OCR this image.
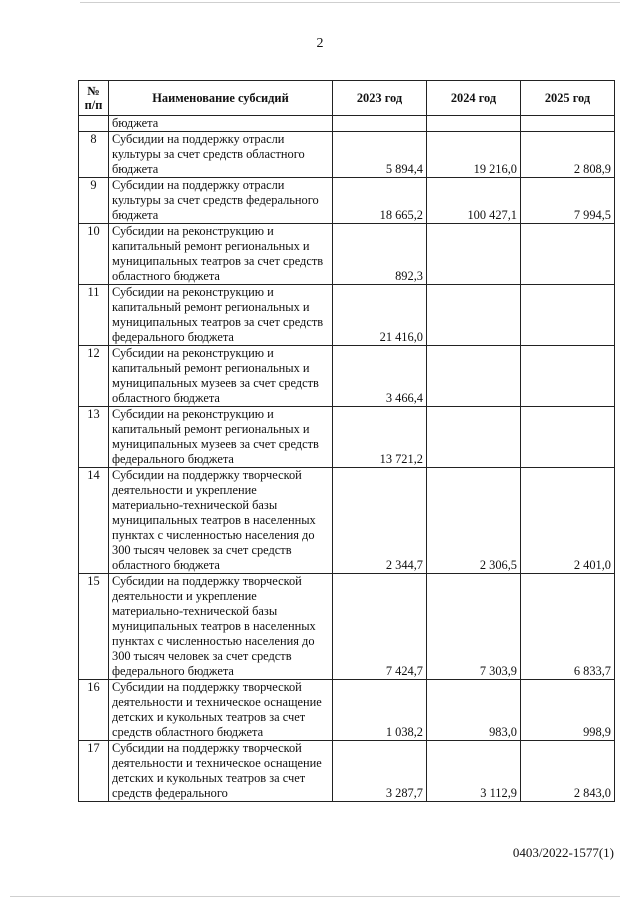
2
№
п/п	Наименование субсидий	2023 год	2024 год	2025 год
	бюджета			
8	Субсидии на поддержку отрасли культуры за счет средств областного бюджета	5 894,4	19 216,0	2 808,9
9	Субсидии на поддержку отрасли культуры за счет средств федерального бюджета	18 665,2	100 427,1	7 994,5
10	Субсидии на реконструкцию и капитальный ремонт региональных и муниципальных театров за счет средств областного бюджета	892,3		
11	Субсидии на реконструкцию и капитальный ремонт региональных и муниципальных театров за счет средств федерального бюджета	21 416,0		
12	Субсидии на реконструкцию и капитальный ремонт региональных и муниципальных музеев за счет средств областного бюджета	3 466,4		
13	Субсидии на реконструкцию и капитальный ремонт региональных и муниципальных музеев за счет средств федерального бюджета	13 721,2		
14	Субсидии на поддержку творческой деятельности и укрепление материально-технической базы муниципальных театров в населенных пунктах с численностью населения до 300 тысяч человек за счет средств областного бюджета	2 344,7	2 306,5	2 401,0
15	Субсидии на поддержку творческой деятельности и укрепление материально-технической базы муниципальных театров в населенных пунктах с численностью населения до 300 тысяч человек за счет средств федерального бюджета	7 424,7	7 303,9	6 833,7
16	Субсидии на поддержку творческой деятельности и техническое оснащение детских и кукольных театров за счет средств областного бюджета	1 038,2	983,0	998,9
17	Субсидии на поддержку творческой деятельности и техническое оснащение детских и кукольных театров за счет средств федерального	3 287,7	3 112,9	2 843,0
0403/2022-1577(1)
